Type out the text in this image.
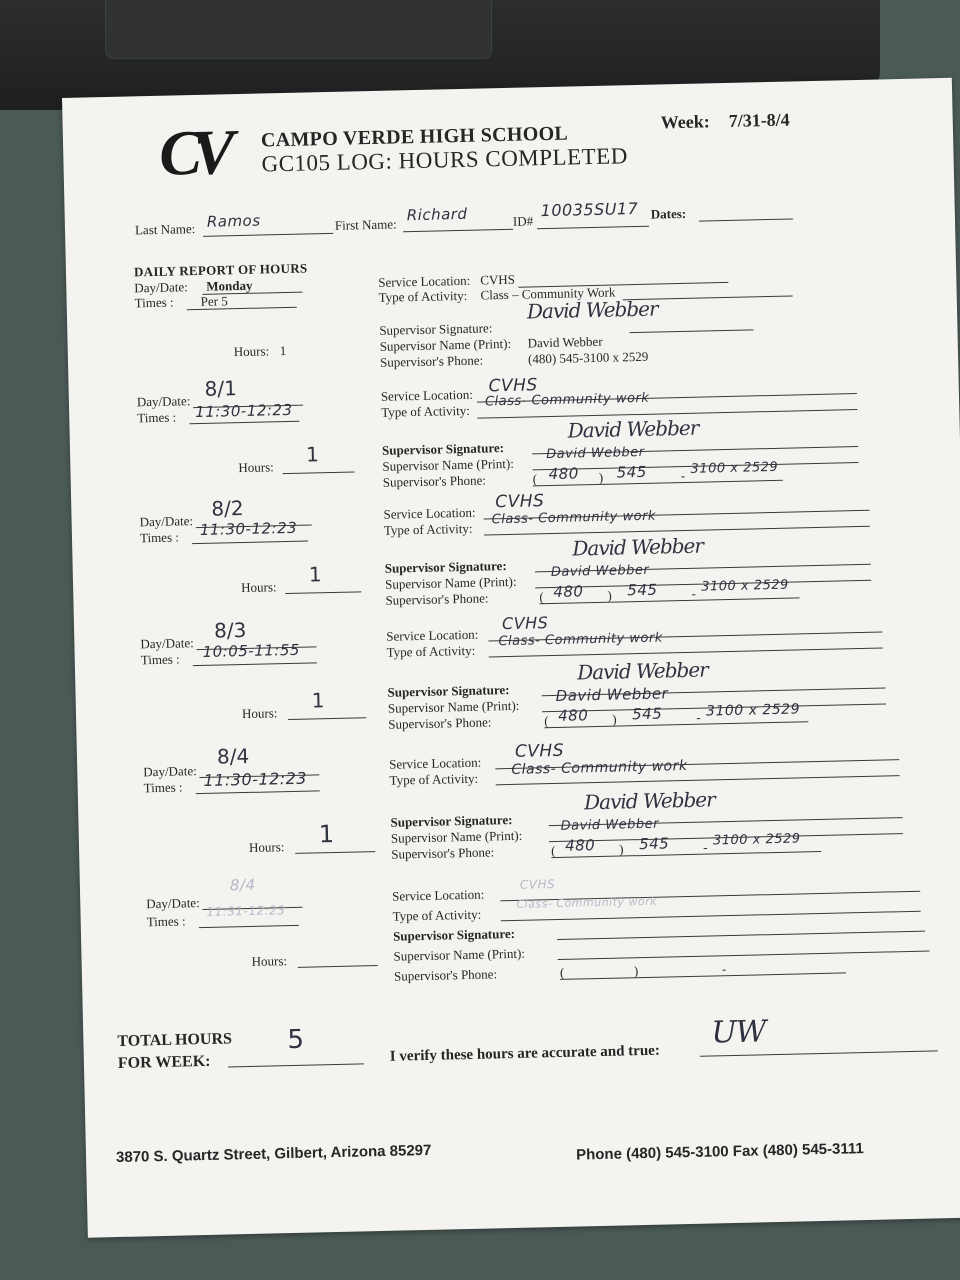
CV	CAMPO VERDE HIGH SCHOOL
GC105 LOG: HOURS COMPLETED
Week: 7/31-8/4
Last Name: Ramos	First Name:
Richard	ID#
10035SU17 Dates:
DAILY REPORT OF HOURS
Day/Date: Monday
Times : Per 5
Hours: 1
Service Location: CVHS
Type of Activity: Class – Community Work
Supervisor Signature:
David Webber
Supervisor Name (Print): David Webber
Supervisor's Phone:	(480) 545-3100 x 2529
Day/Date:
8/1
Times : 11:30-12:23
Hours:
1
Service Location: CVHS
Type of Activity:
Class- Community work
Supervisor Signature:
David Webber
Supervisor Name (Print):
David Webber
Supervisor's Phone:	( 480 ) 545	- 3100 x 2529
Day/Date:
8/2
Times : 11:30-12:23
Hours:
1
Service Location:
CVHS
Type of Activity:
Class- Community work
Supervisor Signature:
David Webber
Supervisor Name (Print):
David Webber
Supervisor's Phone:	( 480 ) 545	- 3100 x 2529
Day/Date:
8/3
Times : 10:05-11:55
Hours:
1
Service Location:
CVHS
Type of Activity:
Class- Community work
Supervisor Signature:
David Webber
Supervisor Name (Print):
David Webber
Supervisor's Phone:	( 480 ) 545	- 3100 x 2529
Day/Date:
8/4
Times : 11:30-12:23
Hours: 1
Service Location:
CVHS
Type of Activity:
Class- Community work
Supervisor Signature:
David Webber
Supervisor Name (Print):
David Webber
Supervisor's Phone:	( 480 ) 545	- 3100 x 2529
Day/Date:
8/4
Times :
11:31-12:23
Hours:
Service Location:
CVHS
Type of Activity:
Class- Community work
Supervisor Signature:
Supervisor Name (Print):
Supervisor's Phone:	(	)	-
TOTAL HOURS
FOR WEEK:
5	I verify these hours are accurate and true:
UW
3870 S. Quartz Street, Gilbert, Arizona 85297	Phone (480) 545-3100 Fax (480) 545-3111
